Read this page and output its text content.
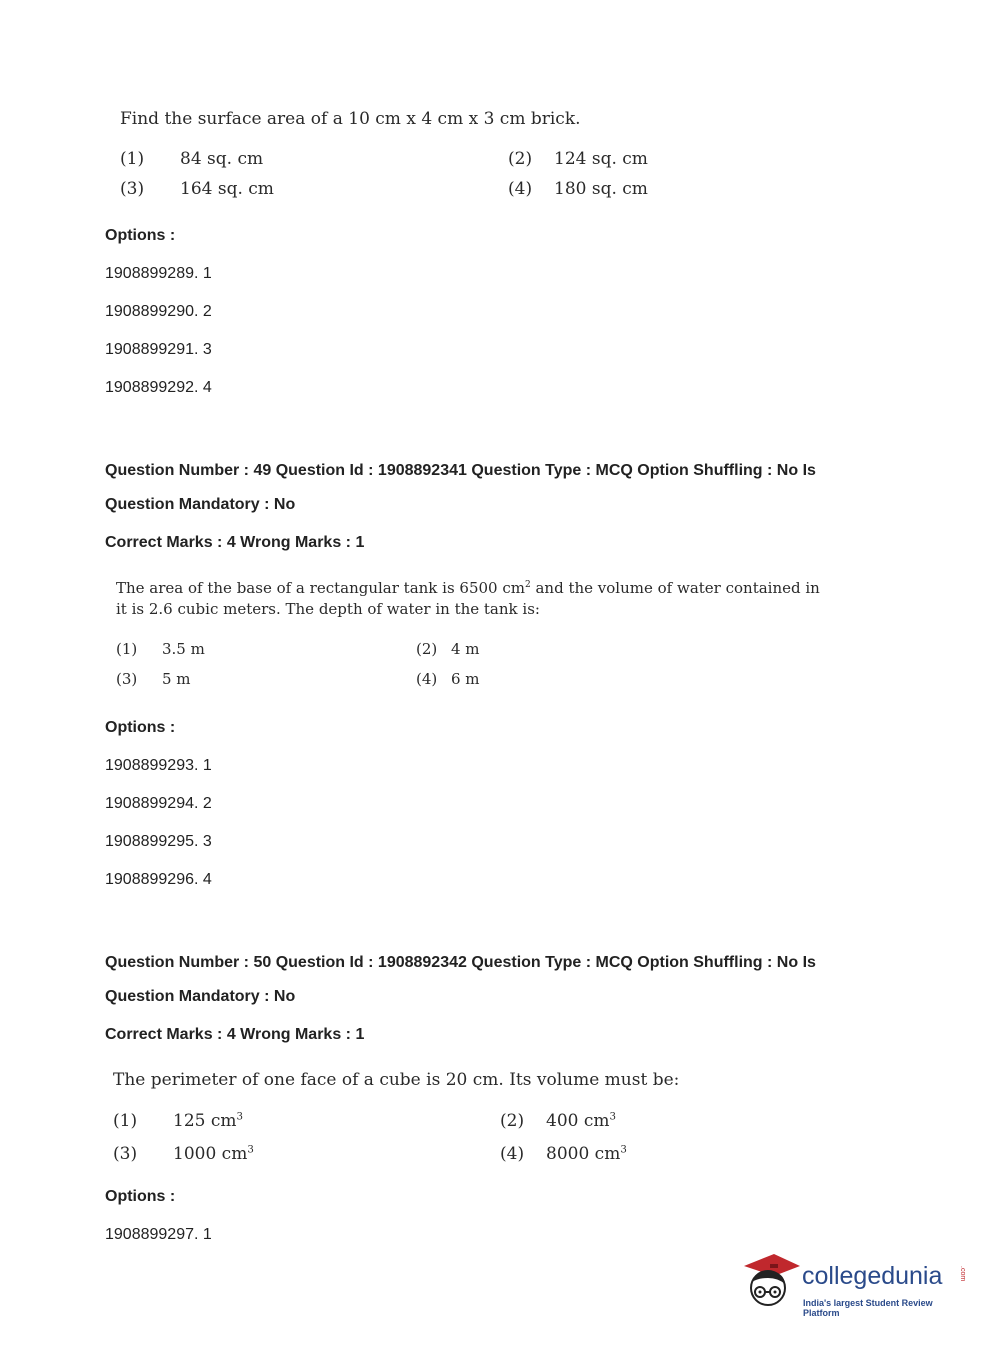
Find the surface area of a 10 cm x 4 cm x 3 cm brick.
(1) 84 sq. cm	(2) 124 sq. cm
(3) 164 sq. cm	(4) 180 sq. cm
Options :
1908899289. 1
1908899290. 2
1908899291. 3
1908899292. 4
Question Number : 49 Question Id : 1908892341 Question Type : MCQ Option Shuffling : No Is
Question Mandatory : No
Correct Marks : 4 Wrong Marks : 1
The area of the base of a rectangular tank is 6500 $cm^2$ and the volume of water contained in
it is 2.6 cubic meters. The depth of water in the tank is:
(1) 3.5 m	(2) 4 m
(3) 5 m	(4) 6 m
Options :
1908899293. 1
1908899294. 2
1908899295. 3
1908899296. 4
Question Number : 50 Question Id : 1908892342 Question Type : MCQ Option Shuffling : No Is
Question Mandatory : No
Correct Marks : 4 Wrong Marks : 1
The perimeter of one face of a cube is 20 cm. Its volume must be:
(1) 125 $cm^3$	(2) 400 $cm^3$
(3) 1000 $cm^3$	(4) 8000 $cm^3$
Options :
1908899297. 1
collegedunia .com
India's largest Student Review Platform
